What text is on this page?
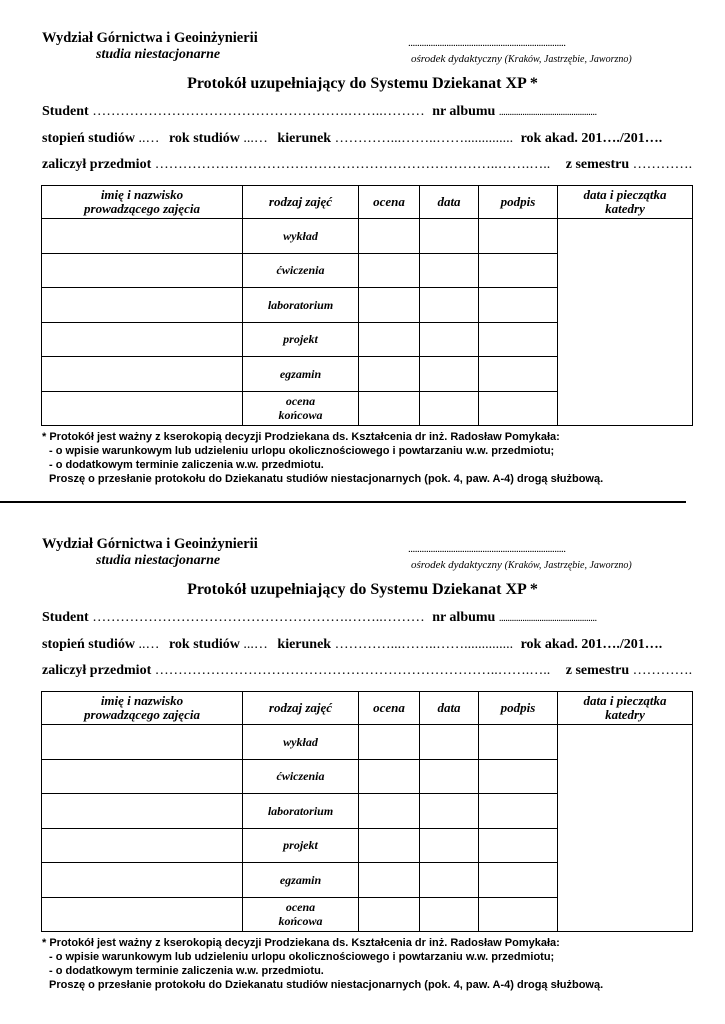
Wydział Górnictwa i Geoinżynierii
studia niestacjonarne
......................................................................
ośrodek dydaktyczny (Kraków, Jastrzębie, Jaworzno)
Protokół uzupełniający do Systemu Dziekanat XP *
Student ……………………………………………….……..……… nr albumu ..............................................
stopień studiów ..… rok studiów ...… kierunek …………...……..…….............. rok akad. 201…./201….
zaliczył przedmiot ………………………………………………………………..…….….. z semestru ………….
imię i nazwisko
prowadzącego zajęcia	rodzaj zajęć	ocena	data	podpis	data i pieczątka
katedry
	wykład				
	ćwiczenia				
	laboratorium				
	projekt				
	egzamin				
	ocena
końcowa				
* Protokół jest ważny z kserokopią decyzji Prodziekana ds. Kształcenia dr inż. Radosław Pomykała:
- o wpisie warunkowym lub udzieleniu urlopu okolicznościowego i powtarzaniu w.w. przedmiotu;
- o dodatkowym terminie zaliczenia w.w. przedmiotu.
Proszę o przesłanie protokołu do Dziekanatu studiów niestacjonarnych (pok. 4, paw. A-4) drogą służbową.
Wydział Górnictwa i Geoinżynierii
studia niestacjonarne
......................................................................
ośrodek dydaktyczny (Kraków, Jastrzębie, Jaworzno)
Protokół uzupełniający do Systemu Dziekanat XP *
Student ……………………………………………….……..……… nr albumu ..............................................
stopień studiów ..… rok studiów ...… kierunek …………...……..…….............. rok akad. 201…./201….
zaliczył przedmiot ………………………………………………………………..…….….. z semestru ………….
imię i nazwisko
prowadzącego zajęcia	rodzaj zajęć	ocena	data	podpis	data i pieczątka
katedry
	wykład				
	ćwiczenia				
	laboratorium				
	projekt				
	egzamin				
	ocena
końcowa				
* Protokół jest ważny z kserokopią decyzji Prodziekana ds. Kształcenia dr inż. Radosław Pomykała:
- o wpisie warunkowym lub udzieleniu urlopu okolicznościowego i powtarzaniu w.w. przedmiotu;
- o dodatkowym terminie zaliczenia w.w. przedmiotu.
Proszę o przesłanie protokołu do Dziekanatu studiów niestacjonarnych (pok. 4, paw. A-4) drogą służbową.
